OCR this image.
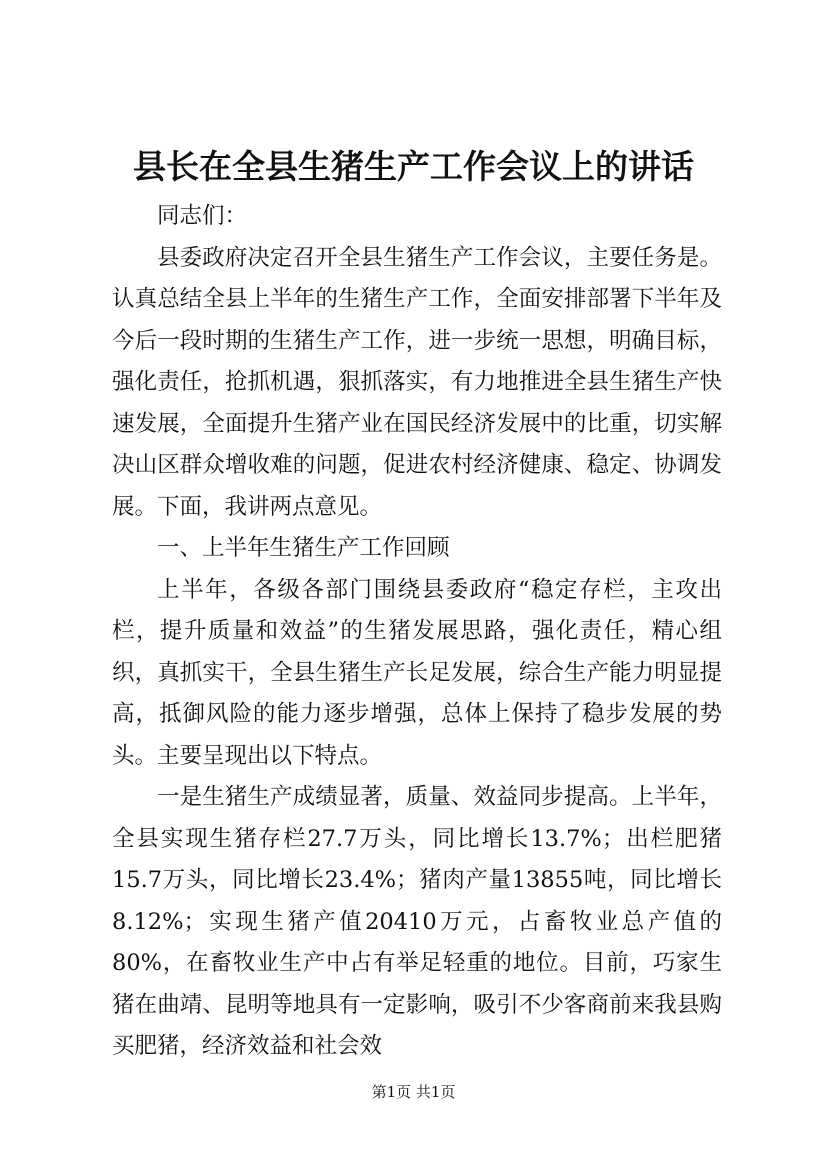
县长在全县生猪生产工作会议上的讲话

同志们：

县委政府决定召开全县生猪生产工作会议，主要任务是。认真总结全县上半年的生猪生产工作，全面安排部署下半年及今后一段时期的生猪生产工作，进一步统一思想，明确目标，强化责任，抢抓机遇，狠抓落实，有力地推进全县生猪生产快速发展，全面提升生猪产业在国民经济发展中的比重，切实解决山区群众增收难的问题，促进农村经济健康、稳定、协调发展。下面，我讲两点意见。

一、上半年生猪生产工作回顾

上半年，各级各部门围绕县委政府“稳定存栏，主攻出栏，提升质量和效益”的生猪发展思路，强化责任，精心组织，真抓实干，全县生猪生产长足发展，综合生产能力明显提高，抵御风险的能力逐步增强，总体上保持了稳步发展的势头。主要呈现出以下特点。

一是生猪生产成绩显著，质量、效益同步提高。上半年，全县实现生猪存栏27.7万头，同比增长13.7%；出栏肥猪15.7万头，同比增长23.4%；猪肉产量13855吨，同比增长8.12%；实现生猪产值20410万元，占畜牧业总产值的80%，在畜牧业生产中占有举足轻重的地位。目前，巧家生猪在曲靖、昆明等地具有一定影响，吸引不少客商前来我县购买肥猪，经济效益和社会效

第1页 共1页
